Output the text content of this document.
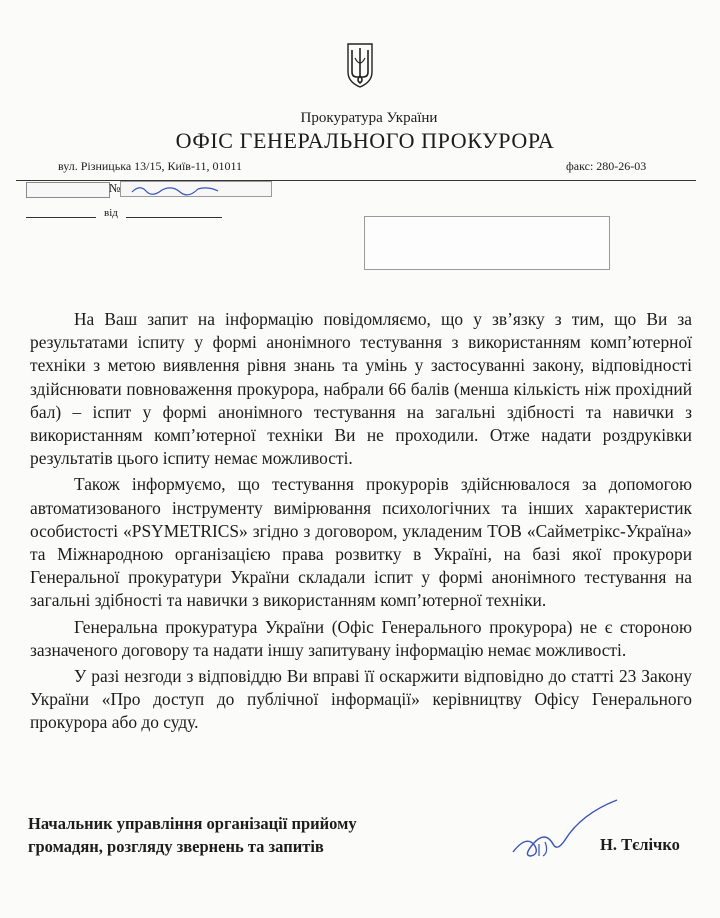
Прокуратура України
ОФІС ГЕНЕРАЛЬНОГО ПРОКУРОРА
вул. Різницька 13/15, Київ-11, 01011	факс: 280-26-03
№
від

На Ваш запит на інформацію повідомляємо, що у зв’язку з тим, що Ви за результатами іспиту у формі анонімного тестування з використанням комп’ютерної техніки з метою виявлення рівня знань та умінь у застосуванні закону, відповідності здійснювати повноваження прокурора, набрали 66 балів (менша кількість ніж прохідний бал) – іспит у формі анонімного тестування на загальні здібності та навички з використанням комп’ютерної техніки Ви не проходили. Отже надати роздруківки результатів цього іспиту немає можливості.

Також інформуємо, що тестування прокурорів здійснювалося за допомогою автоматизованого інструменту вимірювання психологічних та інших характеристик особистості «PSYMETRICS» згідно з договором, укладеним ТОВ «Сайметрікс-Україна» та Міжнародною організацією права розвитку в Україні, на базі якої прокурори Генеральної прокуратури України складали іспит у формі анонімного тестування на загальні здібності та навички з використанням комп’ютерної техніки.

Генеральна прокуратура України (Офіс Генерального прокурора) не є стороною зазначеного договору та надати іншу запитувану інформацію немає можливості.

У разі незгоди з відповіддю Ви вправі її оскаржити відповідно до статті 23 Закону України «Про доступ до публічної інформації» керівництву Офісу Генерального прокурора або до суду.

Начальник управління організації прийому
громадян, розгляду звернень та запитів	Н. Тєлічко
